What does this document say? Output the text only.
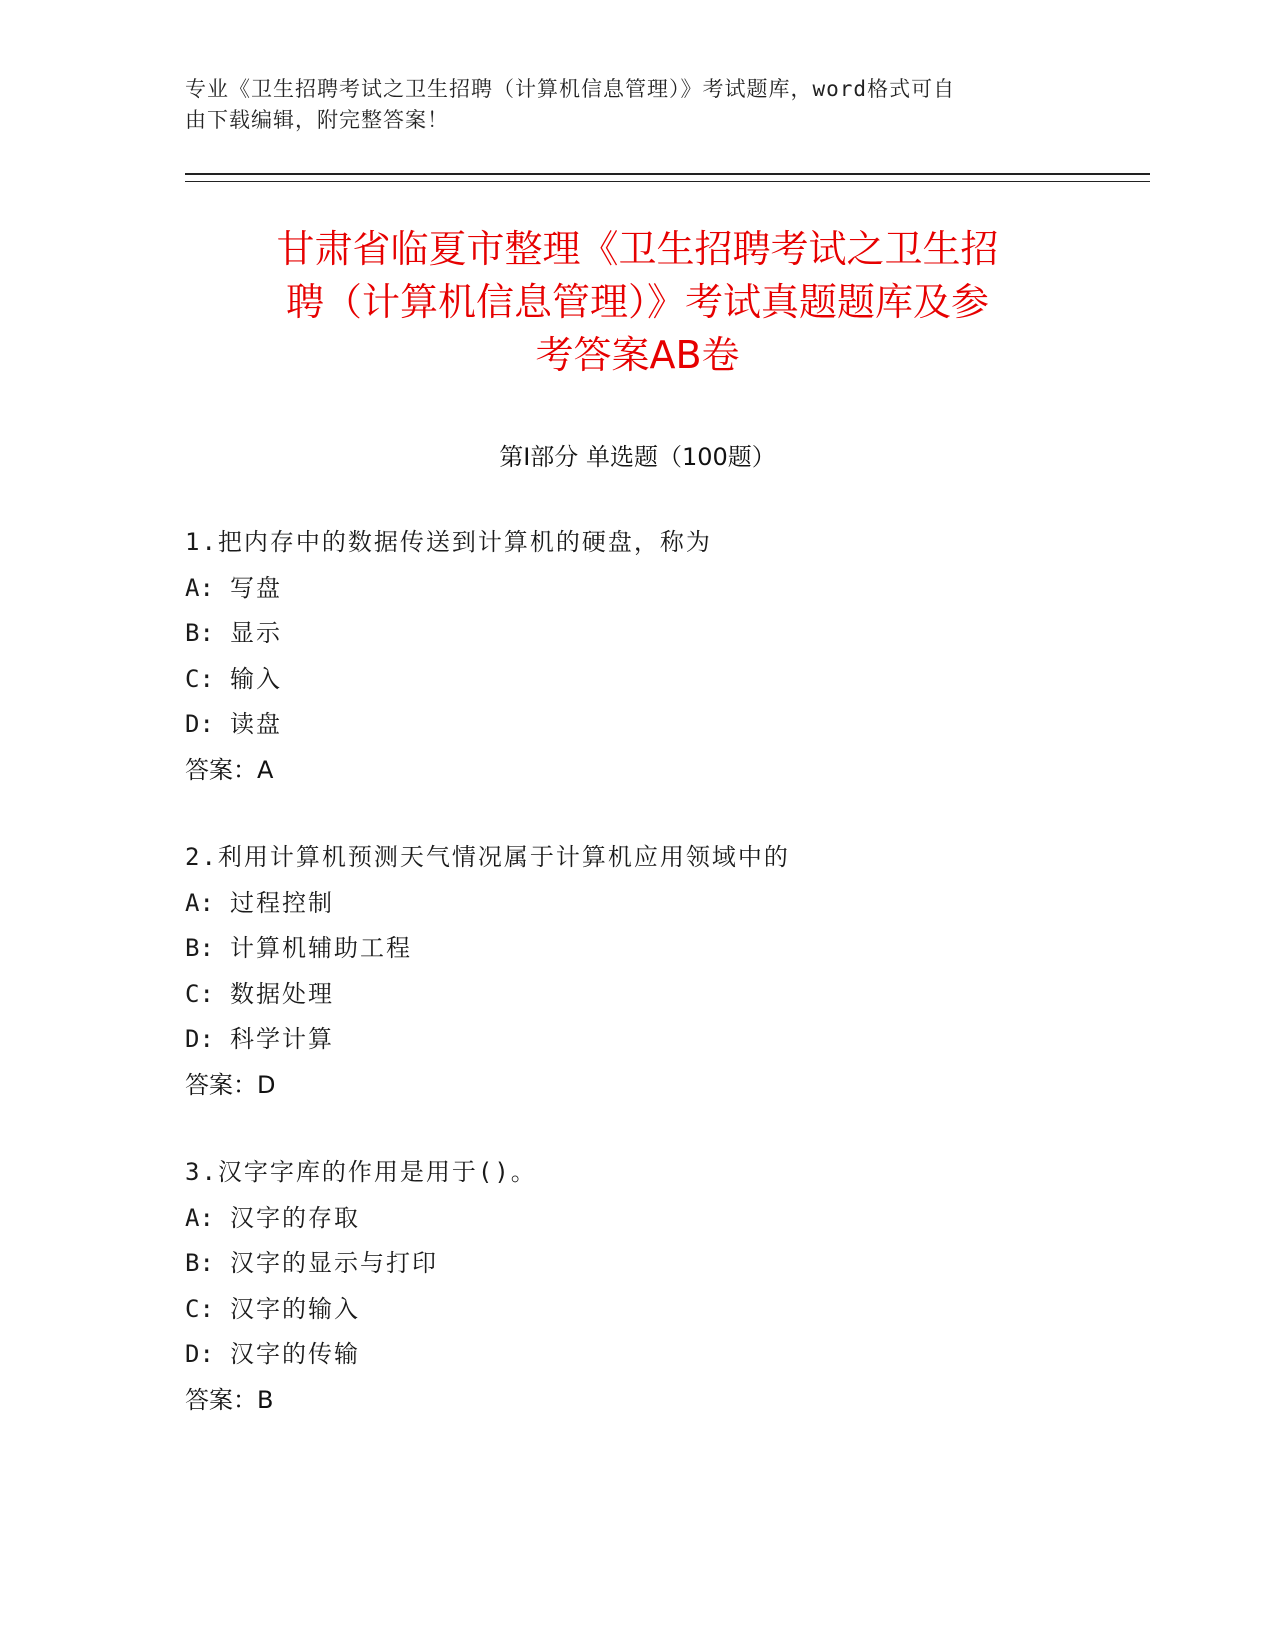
专业《卫生招聘考试之卫生招聘（计算机信息管理）》考试题库，word格式可自
由下载编辑，附完整答案！
甘肃省临夏市整理《卫生招聘考试之卫生招
聘（计算机信息管理）》考试真题题库及参
考答案AB卷
第Ⅰ部分 单选题（100题）
1.把内存中的数据传送到计算机的硬盘，称为
A: 写盘
B: 显示
C: 输入
D: 读盘
答案：A
2.利用计算机预测天气情况属于计算机应用领域中的
A: 过程控制
B: 计算机辅助工程
C: 数据处理
D: 科学计算
答案：D
3.汉字字库的作用是用于()。
A: 汉字的存取
B: 汉字的显示与打印
C: 汉字的输入
D: 汉字的传输
答案：B
